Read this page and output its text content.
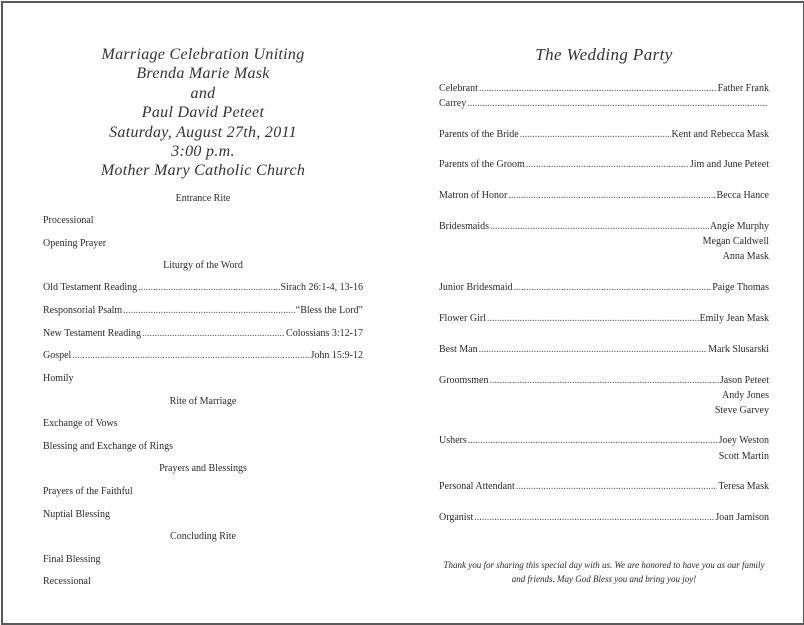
Marriage Celebration Uniting
Brenda Marie Mask
and
Paul David Peteet
Saturday, August 27th, 2011
3:00 p.m.
Mother Mary Catholic Church
Entrance Rite
Processional
Opening Prayer
Liturgy of the Word
Old Testament Reading .....	Sirach 26:1-4, 13-16
Responsorial Psalm .....	“Bless the Lord”
New Testament Reading .....	Colossians 3:12-17
Gospel .....	John 15:9-12
Homily
Rite of Marriage
Exchange of Vows
Blessing and Exchange of Rings
Prayers and Blessings
Prayers of the Faithful
Nuptial Blessing
Concluding Rite
Final Blessing
Recessional
The Wedding Party
Celebrant .....	Father Frank
Carrey
.....
Parents of the Bride .....	Kent and Rebecca Mask
Parents of the Groom .....	Jim and June Peteet
Matron of Honor .....	Becca Hance
Bridesmaids .....	Angie Murphy
Megan Caldwell
Anna Mask
Junior Bridesmaid .....	Paige Thomas
Flower Girl .....	Emily Jean Mask
Best Man .....	Mark Slusarski
Groomsmen .....	Jason Peteet
Andy Jones
Steve Garvey
Ushers .....	Joey Weston
Scott Martin
Personal Attendant .....	Teresa Mask
Organist .....	Joan Jamison
Thank you for sharing this special day with us. We are honored to have you as our family
and friends. May God Bless you and bring you joy!
